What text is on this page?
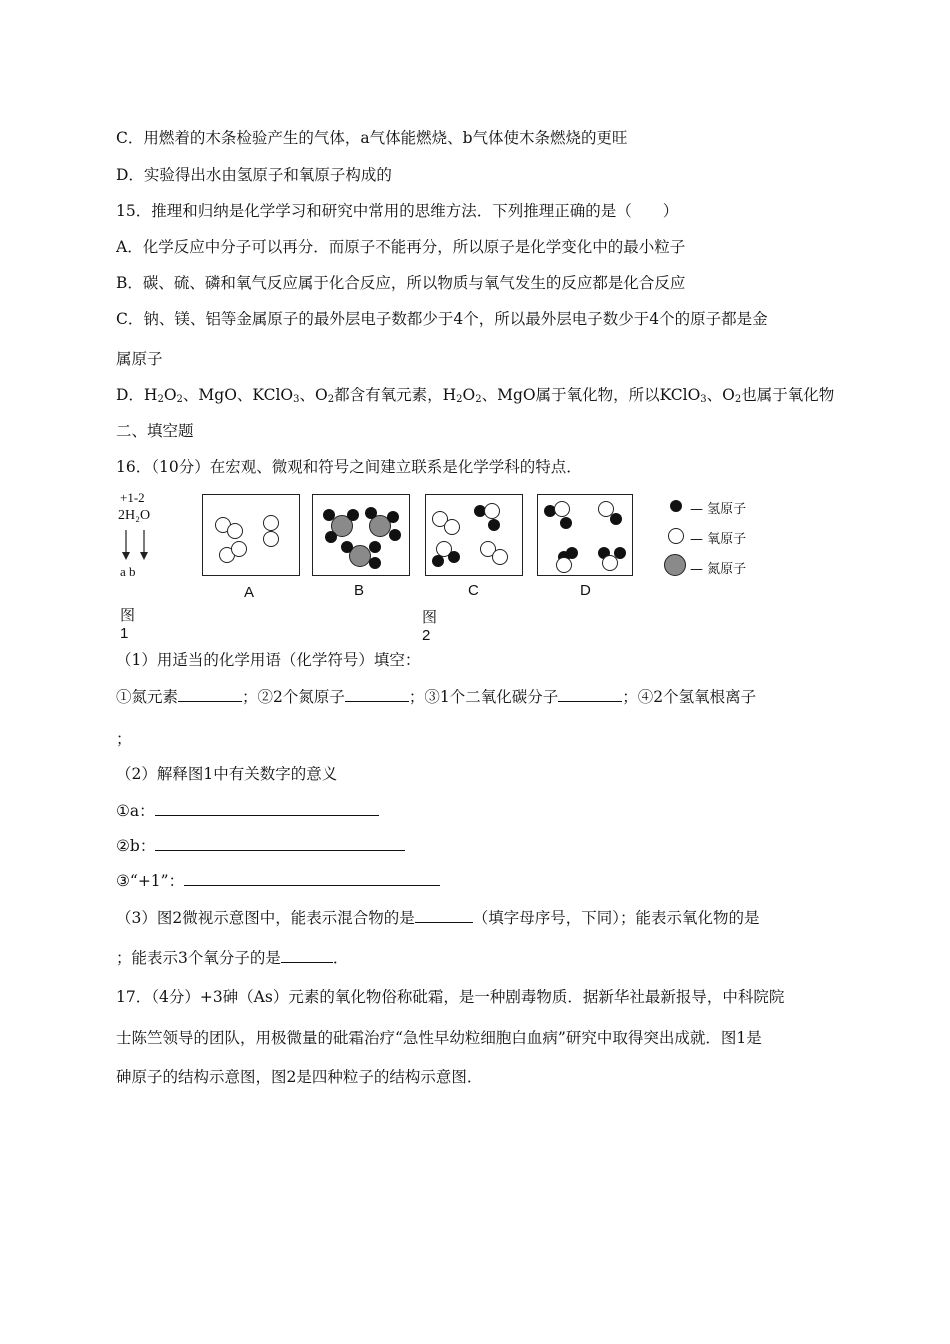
C．用燃着的木条检验产生的气体，a气体能燃烧、b气体使木条燃烧的更旺
D．实验得出水由氢原子和氧原子构成的
15．推理和归纳是化学学习和研究中常用的思维方法．下列推理正确的是（　　）
A．化学反应中分子可以再分．而原子不能再分，所以原子是化学变化中的最小粒子
B．碳、硫、磷和氧气反应属于化合反应，所以物质与氧气发生的反应都是化合反应
C．钠、镁、铝等金属原子的最外层电子数都少于4个，所以最外层电子数少于4个的原子都是金
属原子
D．$H_2O_2$、MgO、KClO$_3$、$O_2$都含有氧元素，$H_2O_2$、MgO属于氧化物，所以KClO$_3$、$O_2$也属于氧化物
二、填空题
16．（10分）在宏观、微观和符号之间建立联系是化学学科的特点．
+1-2
2H₂O
a b
图1
A	B	C	D
图2
— 氢原子
— 氧原子
— 氮原子
（1）用适当的化学用语（化学符号）填空：
①氮元素	；②2个氮原子	；③1个二氧化碳分子	；④2个氢氧根离子
；
（2）解释图1中有关数字的意义
①a：
②b：
③“+1”：
（3）图2微视示意图中，能表示混合物的是	（填字母序号，下同）；能表示氧化物的是
；能表示3个氧分子的是	．
17．（4分）+3砷（As）元素的氧化物俗称砒霜，是一种剧毒物质．据新华社最新报导，中科院院
士陈竺领导的团队，用极微量的砒霜治疗“急性早幼粒细胞白血病”研究中取得突出成就．图1是
砷原子的结构示意图，图2是四种粒子的结构示意图．
